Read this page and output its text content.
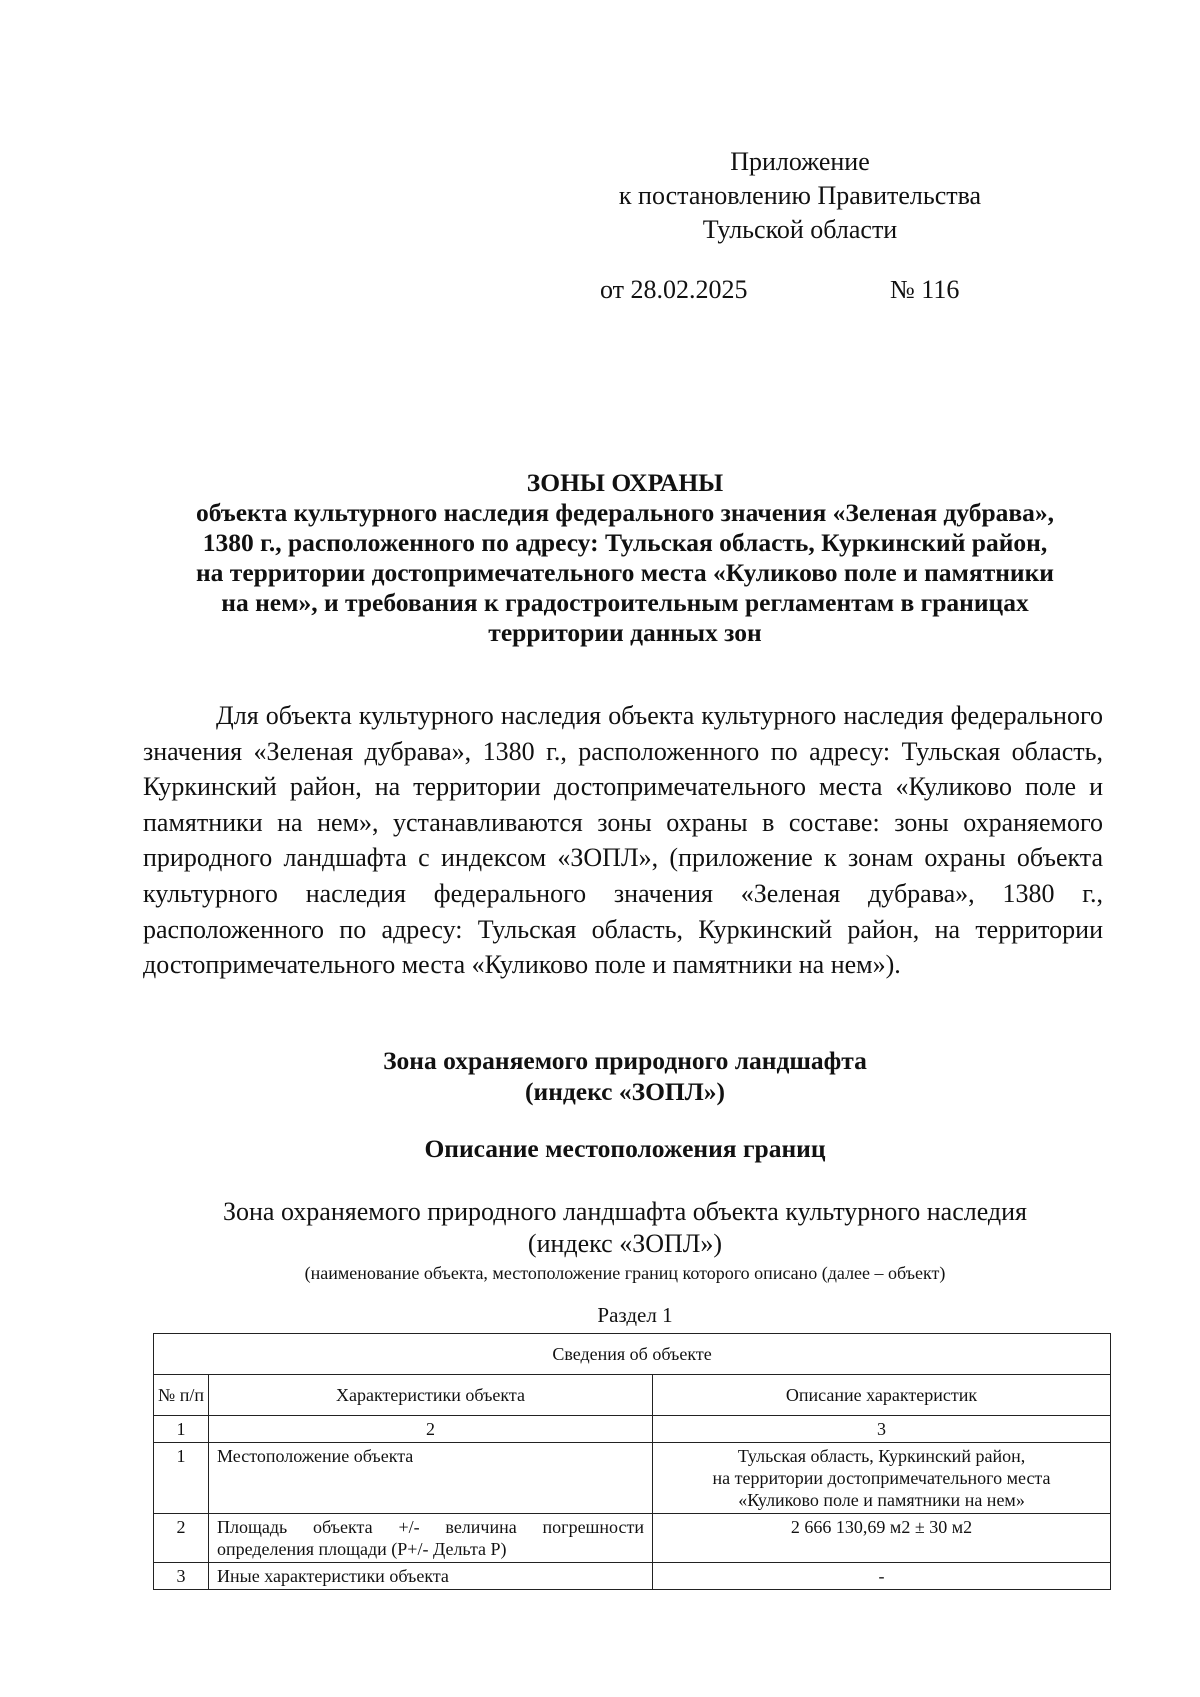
Приложение
к постановлению Правительства
Тульской области
от 28.02.2025	№ 116
ЗОНЫ ОХРАНЫ
объекта культурного наследия федерального значения «Зеленая дубрава»,
1380 г., расположенного по адресу: Тульская область, Куркинский район,
на территории достопримечательного места «Куликово поле и памятники
на нем», и требования к градостроительным регламентам в границах
территории данных зон
Для объекта культурного наследия объекта культурного наследия федерального значения «Зеленая дубрава», 1380 г., расположенного по адресу: Тульская область, Куркинский район, на территории достопримечательного места «Куликово поле и памятники на нем», устанавливаются зоны охраны в составе: зоны охраняемого природного ландшафта с индексом «ЗОПЛ», (приложение к зонам охраны объекта культурного наследия федерального значения «Зеленая дубрава», 1380 г., расположенного по адресу: Тульская область, Куркинский район, на территории достопримечательного места «Куликово поле и памятники на нем»).
Зона охраняемого природного ландшафта
(индекс «ЗОПЛ»)
Описание местоположения границ
Зона охраняемого природного ландшафта объекта культурного наследия
(индекс «ЗОПЛ»)
(наименование объекта, местоположение границ которого описано (далее – объект)
Раздел 1
Сведения об объекте		
№ п/п	Характеристики объекта	Описание характеристик
1	2	3
1	Местоположение объекта	Тульская область, Куркинский район,
на территории достопримечательного места
«Куликово поле и памятники на нем»

2	Площадь объекта +/- величина погрешности
определения площади (Р+/- Дельта Р)	2 666 130,69 м2 ± 30 м2
3	Иные характеристики объекта	-
